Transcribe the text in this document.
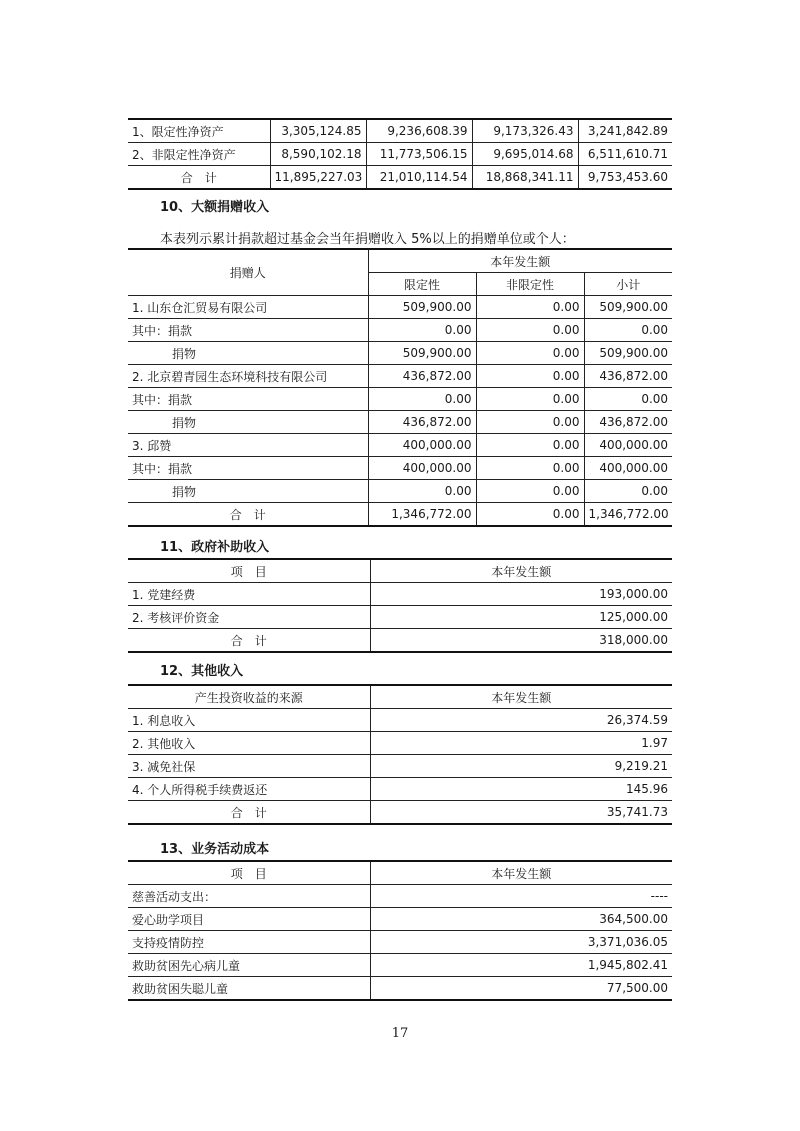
1、限定性净资产	3,305,124.85	9,236,608.39	9,173,326.43	3,241,842.89
2、非限定性净资产	8,590,102.18	11,773,506.15	9,695,014.68	6,511,610.71
合　计	11,895,227.03	21,010,114.54	18,868,341.11	9,753,453.60
10、大额捐赠收入
本表列示累计捐款超过基金会当年捐赠收入 5%以上的捐赠单位或个人：
捐赠人	本年发生额		
	限定性	非限定性	小计
1. 山东仓汇贸易有限公司	509,900.00	0.00	509,900.00
其中：捐款	0.00	0.00	0.00
捐物	509,900.00	0.00	509,900.00
2. 北京碧青园生态环境科技有限公司	436,872.00	0.00	436,872.00
其中：捐款	0.00	0.00	0.00
捐物	436,872.00	0.00	436,872.00
3. 邱赞	400,000.00	0.00	400,000.00
其中：捐款	400,000.00	0.00	400,000.00
捐物	0.00	0.00	0.00
合　计	1,346,772.00	0.00	1,346,772.00
11、政府补助收入
项　目	本年发生额
1. 党建经费	193,000.00
2. 考核评价资金	125,000.00
合　计	318,000.00
12、其他收入
产生投资收益的来源	本年发生额
1. 利息收入	26,374.59
2. 其他收入	1.97
3. 减免社保	9,219.21
4. 个人所得税手续费返还	145.96
合　计	35,741.73
13、业务活动成本
项　目	本年发生额
慈善活动支出：	----
爱心助学项目	364,500.00
支持疫情防控	3,371,036.05
救助贫困先心病儿童	1,945,802.41
救助贫困失聪儿童	77,500.00
17
